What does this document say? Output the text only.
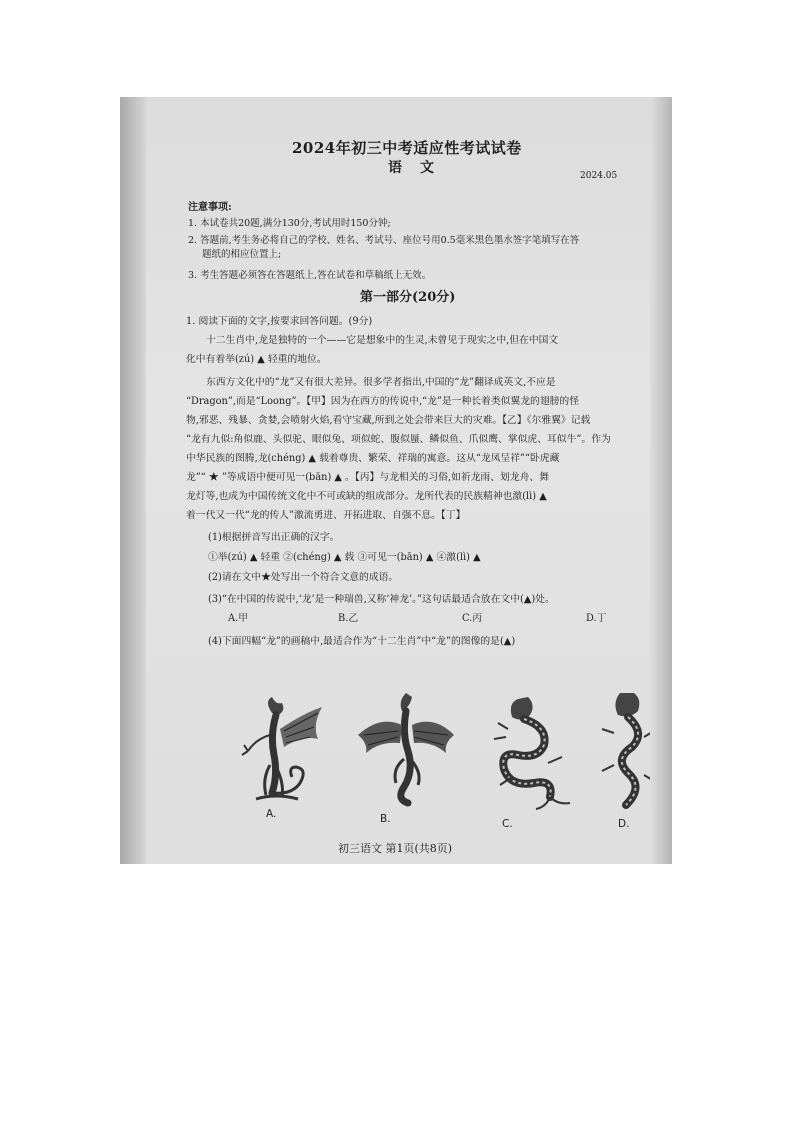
2024年初三中考适应性考试试卷
语文	2024.05
注意事项:
1. 本试卷共20题,满分130分,考试用时150分钟;
2. 答题前,考生务必将自己的学校、姓名、考试号、座位号用0.5毫米黑色墨水签字笔填写在答
题纸的相应位置上;
3. 考生答题必须答在答题纸上,答在试卷和草稿纸上无效。
第一部分(20分)
1. 阅读下面的文字,按要求回答问题。(9分)
十二生肖中,龙是独特的一个——它是想象中的生灵,未曾见于现实之中,但在中国文
化中有着举(zú) ▲ 轻重的地位。
东西方文化中的“龙”又有很大差异。很多学者指出,中国的“龙”翻译成英文,不应是
“Dragon”,而是“Loong”。【甲】因为在西方的传说中,“龙”是一种长着类似翼龙的翅膀的怪
物,邪恶、残暴、贪婪,会喷射火焰,看守宝藏,所到之处会带来巨大的灾难。【乙】《尔雅翼》记载
“龙有九似:角似鹿、头似驼、眼似兔、项似蛇、腹似蜃、鳞似鱼、爪似鹰、掌似虎、耳似牛”。作为
中华民族的图腾,龙(chéng) ▲ 载着尊贵、繁荣、祥瑞的寓意。这从“龙凤呈祥”“卧虎藏
龙”“ ★ ”等成语中便可见一(bān) ▲ 。【丙】与龙相关的习俗,如祈龙雨、划龙舟、舞
龙灯等,也成为中国传统文化中不可或缺的组成部分。龙所代表的民族精神也激(lì) ▲
着一代又一代“龙的传人”激流勇进、开拓进取、自强不息。【丁】
(1)根据拼音写出正确的汉字。
①举(zú) ▲ 轻重 ②(chéng) ▲ 载 ③可见一(bān) ▲ ④激(lì) ▲
(2)请在文中★处写出一个符合文意的成语。
(3)“在中国的传说中,‘龙’是一种瑞兽,又称‘神龙’。”这句话最适合放在文中(▲)处。
A.甲	B.乙	C.丙	D.丁
(4)下面四幅“龙”的画稿中,最适合作为“十二生肖”中“龙”的图像的是(▲)
A.	B.	C.	D.
初三语文 第1页(共8页)
